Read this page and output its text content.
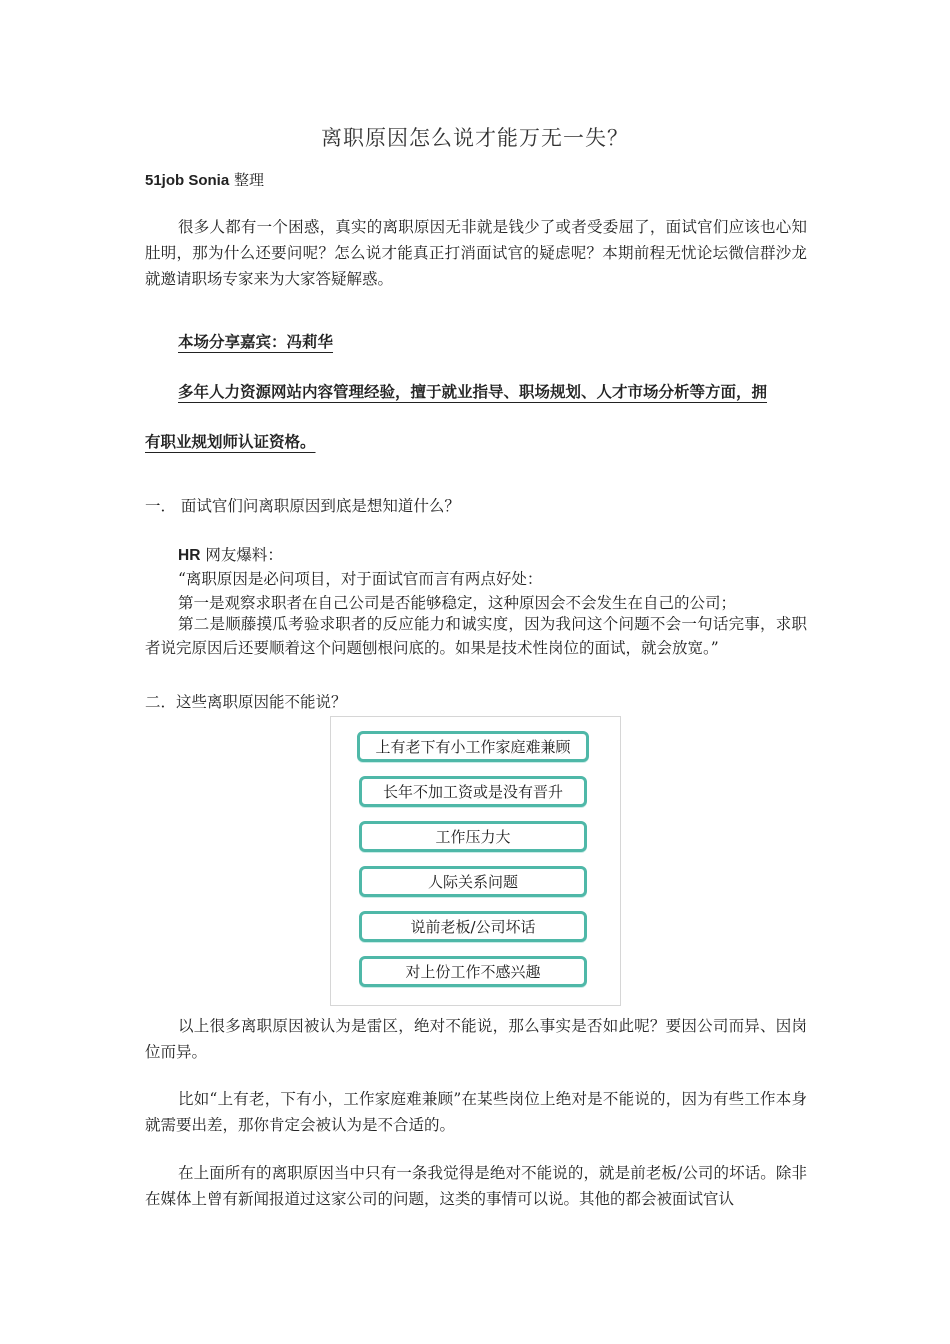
离职原因怎么说才能万无一失？
51job Sonia 整理
很多人都有一个困惑，真实的离职原因无非就是钱少了或者受委屈了，面试官们应该也心知肚明，那为什么还要问呢？怎么说才能真正打消面试官的疑虑呢？本期前程无忧论坛微信群沙龙就邀请职场专家来为大家答疑解惑。
本场分享嘉宾：冯莉华
多年人力资源网站内容管理经验，擅于就业指导、职场规划、人才市场分析等方面，拥
有职业规划师认证资格。
一． 面试官们问离职原因到底是想知道什么？
HR 网友爆料：
“离职原因是必问项目，对于面试官而言有两点好处：
第一是观察求职者在自己公司是否能够稳定，这种原因会不会发生在自己的公司；
第二是顺藤摸瓜考验求职者的反应能力和诚实度，因为我问这个问题不会一句话完事，求职者说完原因后还要顺着这个问题刨根问底的。如果是技术性岗位的面试，就会放宽。”
二．这些离职原因能不能说？
上有老下有小工作家庭难兼顾
长年不加工资或是没有晋升
工作压力大
人际关系问题
说前老板/公司坏话
对上份工作不感兴趣
以上很多离职原因被认为是雷区，绝对不能说，那么事实是否如此呢？要因公司而异、因岗位而异。
比如“上有老，下有小，工作家庭难兼顾”在某些岗位上绝对是不能说的，因为有些工作本身就需要出差，那你肯定会被认为是不合适的。
在上面所有的离职原因当中只有一条我觉得是绝对不能说的，就是前老板/公司的坏话。除非在媒体上曾有新闻报道过这家公司的问题，这类的事情可以说。其他的都会被面试官认
